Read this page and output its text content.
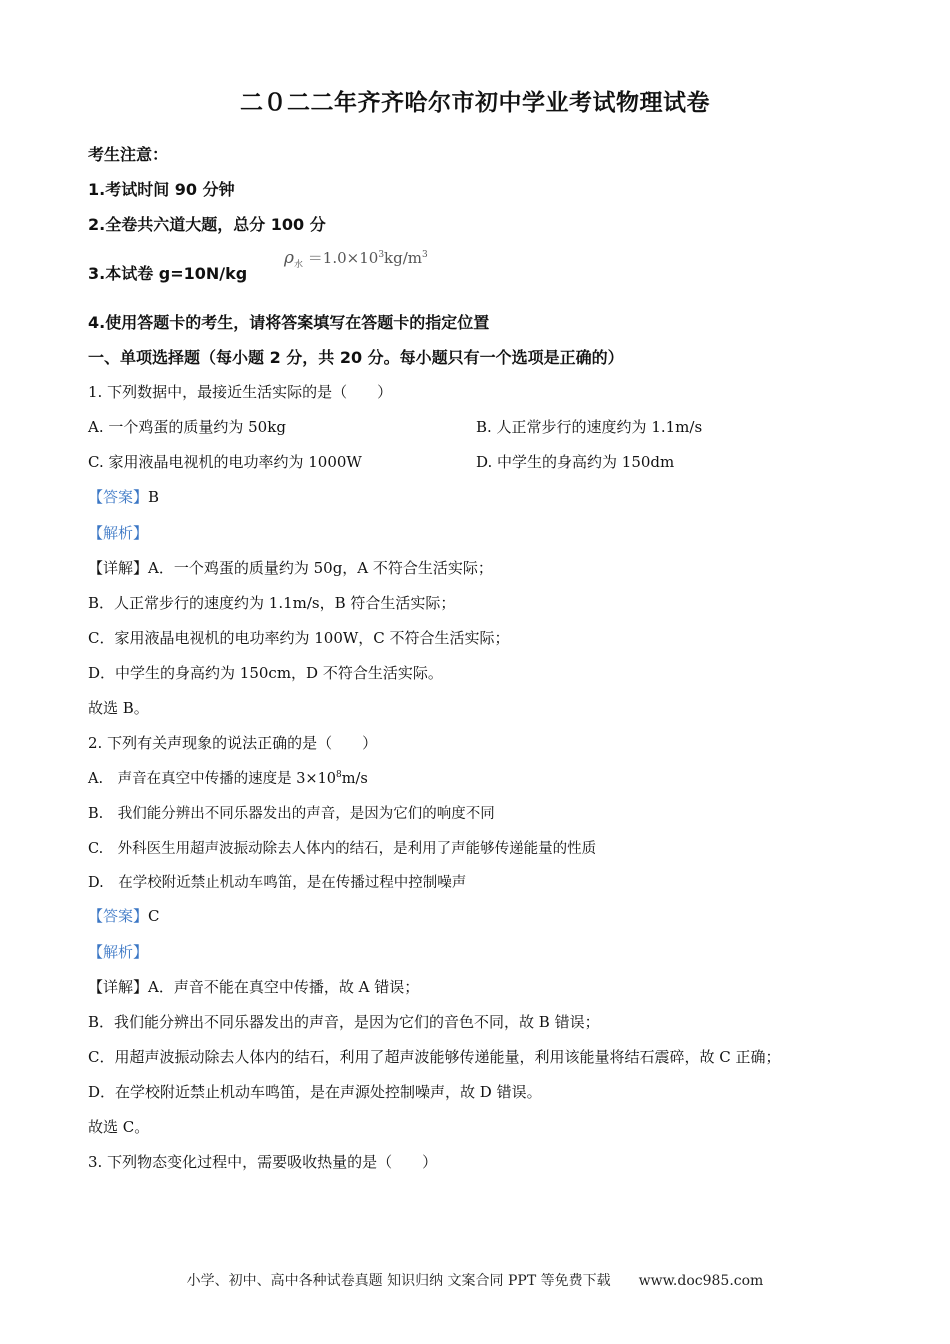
二０二二年齐齐哈尔市初中学业考试物理试卷
考生注意：
1.考试时间 90 分钟
2.全卷共六道大题，总分 100 分
3.本试卷 g=10N/kg
$\rho_水 =1.0\times 10^3kg/m^3$
4.使用答题卡的考生，请将答案填写在答题卡的指定位置
一、单项选择题（每小题 2 分，共 20 分。每小题只有一个选项是正确的）
1. 下列数据中，最接近生活实际的是（　　）
A. 一个鸡蛋的质量约为 50kg	B. 人正常步行的速度约为 1.1m/s
C. 家用液晶电视机的电功率约为 1000W	D. 中学生的身高约为 150dm
【答案】B
【解析】
【详解】A．一个鸡蛋的质量约为 50g，A 不符合生活实际；
B．人正常步行的速度约为 1.1m/s，B 符合生活实际；
C．家用液晶电视机的电功率约为 100W，C 不符合生活实际；
D．中学生的身高约为 150cm，D 不符合生活实际。
故选 B。
2. 下列有关声现象的说法正确的是（　　）
A.　声音在真空中传播的速度是 $3\times 10^8m/s$
B.　我们能分辨出不同乐器发出的声音，是因为它们的响度不同
C.　外科医生用超声波振动除去人体内的结石，是利用了声能够传递能量的性质
D.　在学校附近禁止机动车鸣笛，是在传播过程中控制噪声
【答案】C
【解析】
【详解】A．声音不能在真空中传播，故 A 错误；
B．我们能分辨出不同乐器发出的声音，是因为它们的音色不同，故 B 错误；
C．用超声波振动除去人体内的结石，利用了超声波能够传递能量，利用该能量将结石震碎，故 C 正确；
D．在学校附近禁止机动车鸣笛，是在声源处控制噪声，故 D 错误。
故选 C。
3. 下列物态变化过程中，需要吸收热量的是（　　）
小学、初中、高中各种试卷真题 知识归纳 文案合同 PPT 等免费下载　　www.doc985.com
